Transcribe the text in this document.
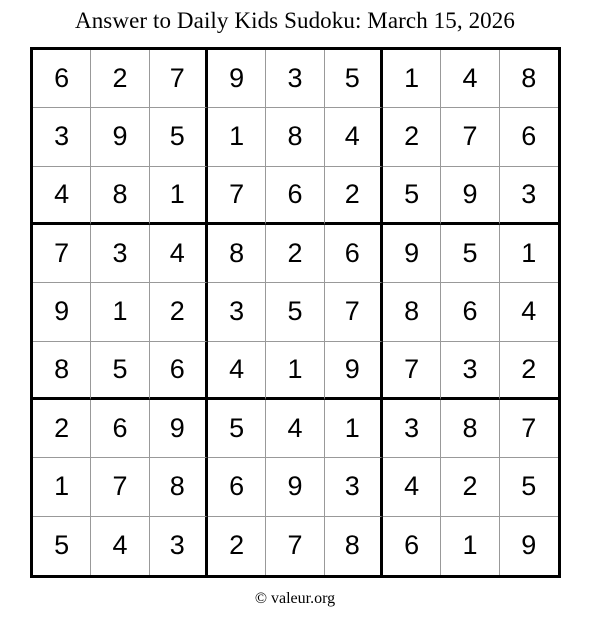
Answer to Daily Kids Sudoku: March 15, 2026
6	2	7	9	3	5	1	4	8
3	9	5	1	8	4	2	7	6
4	8	1	7	6	2	5	9	3
7	3	4	8	2	6	9	5	1
9	1	2	3	5	7	8	6	4
8	5	6	4	1	9	7	3	2
2	6	9	5	4	1	3	8	7
1	7	8	6	9	3	4	2	5
5	4	3	2	7	8	6	1	9
© valeur.org
